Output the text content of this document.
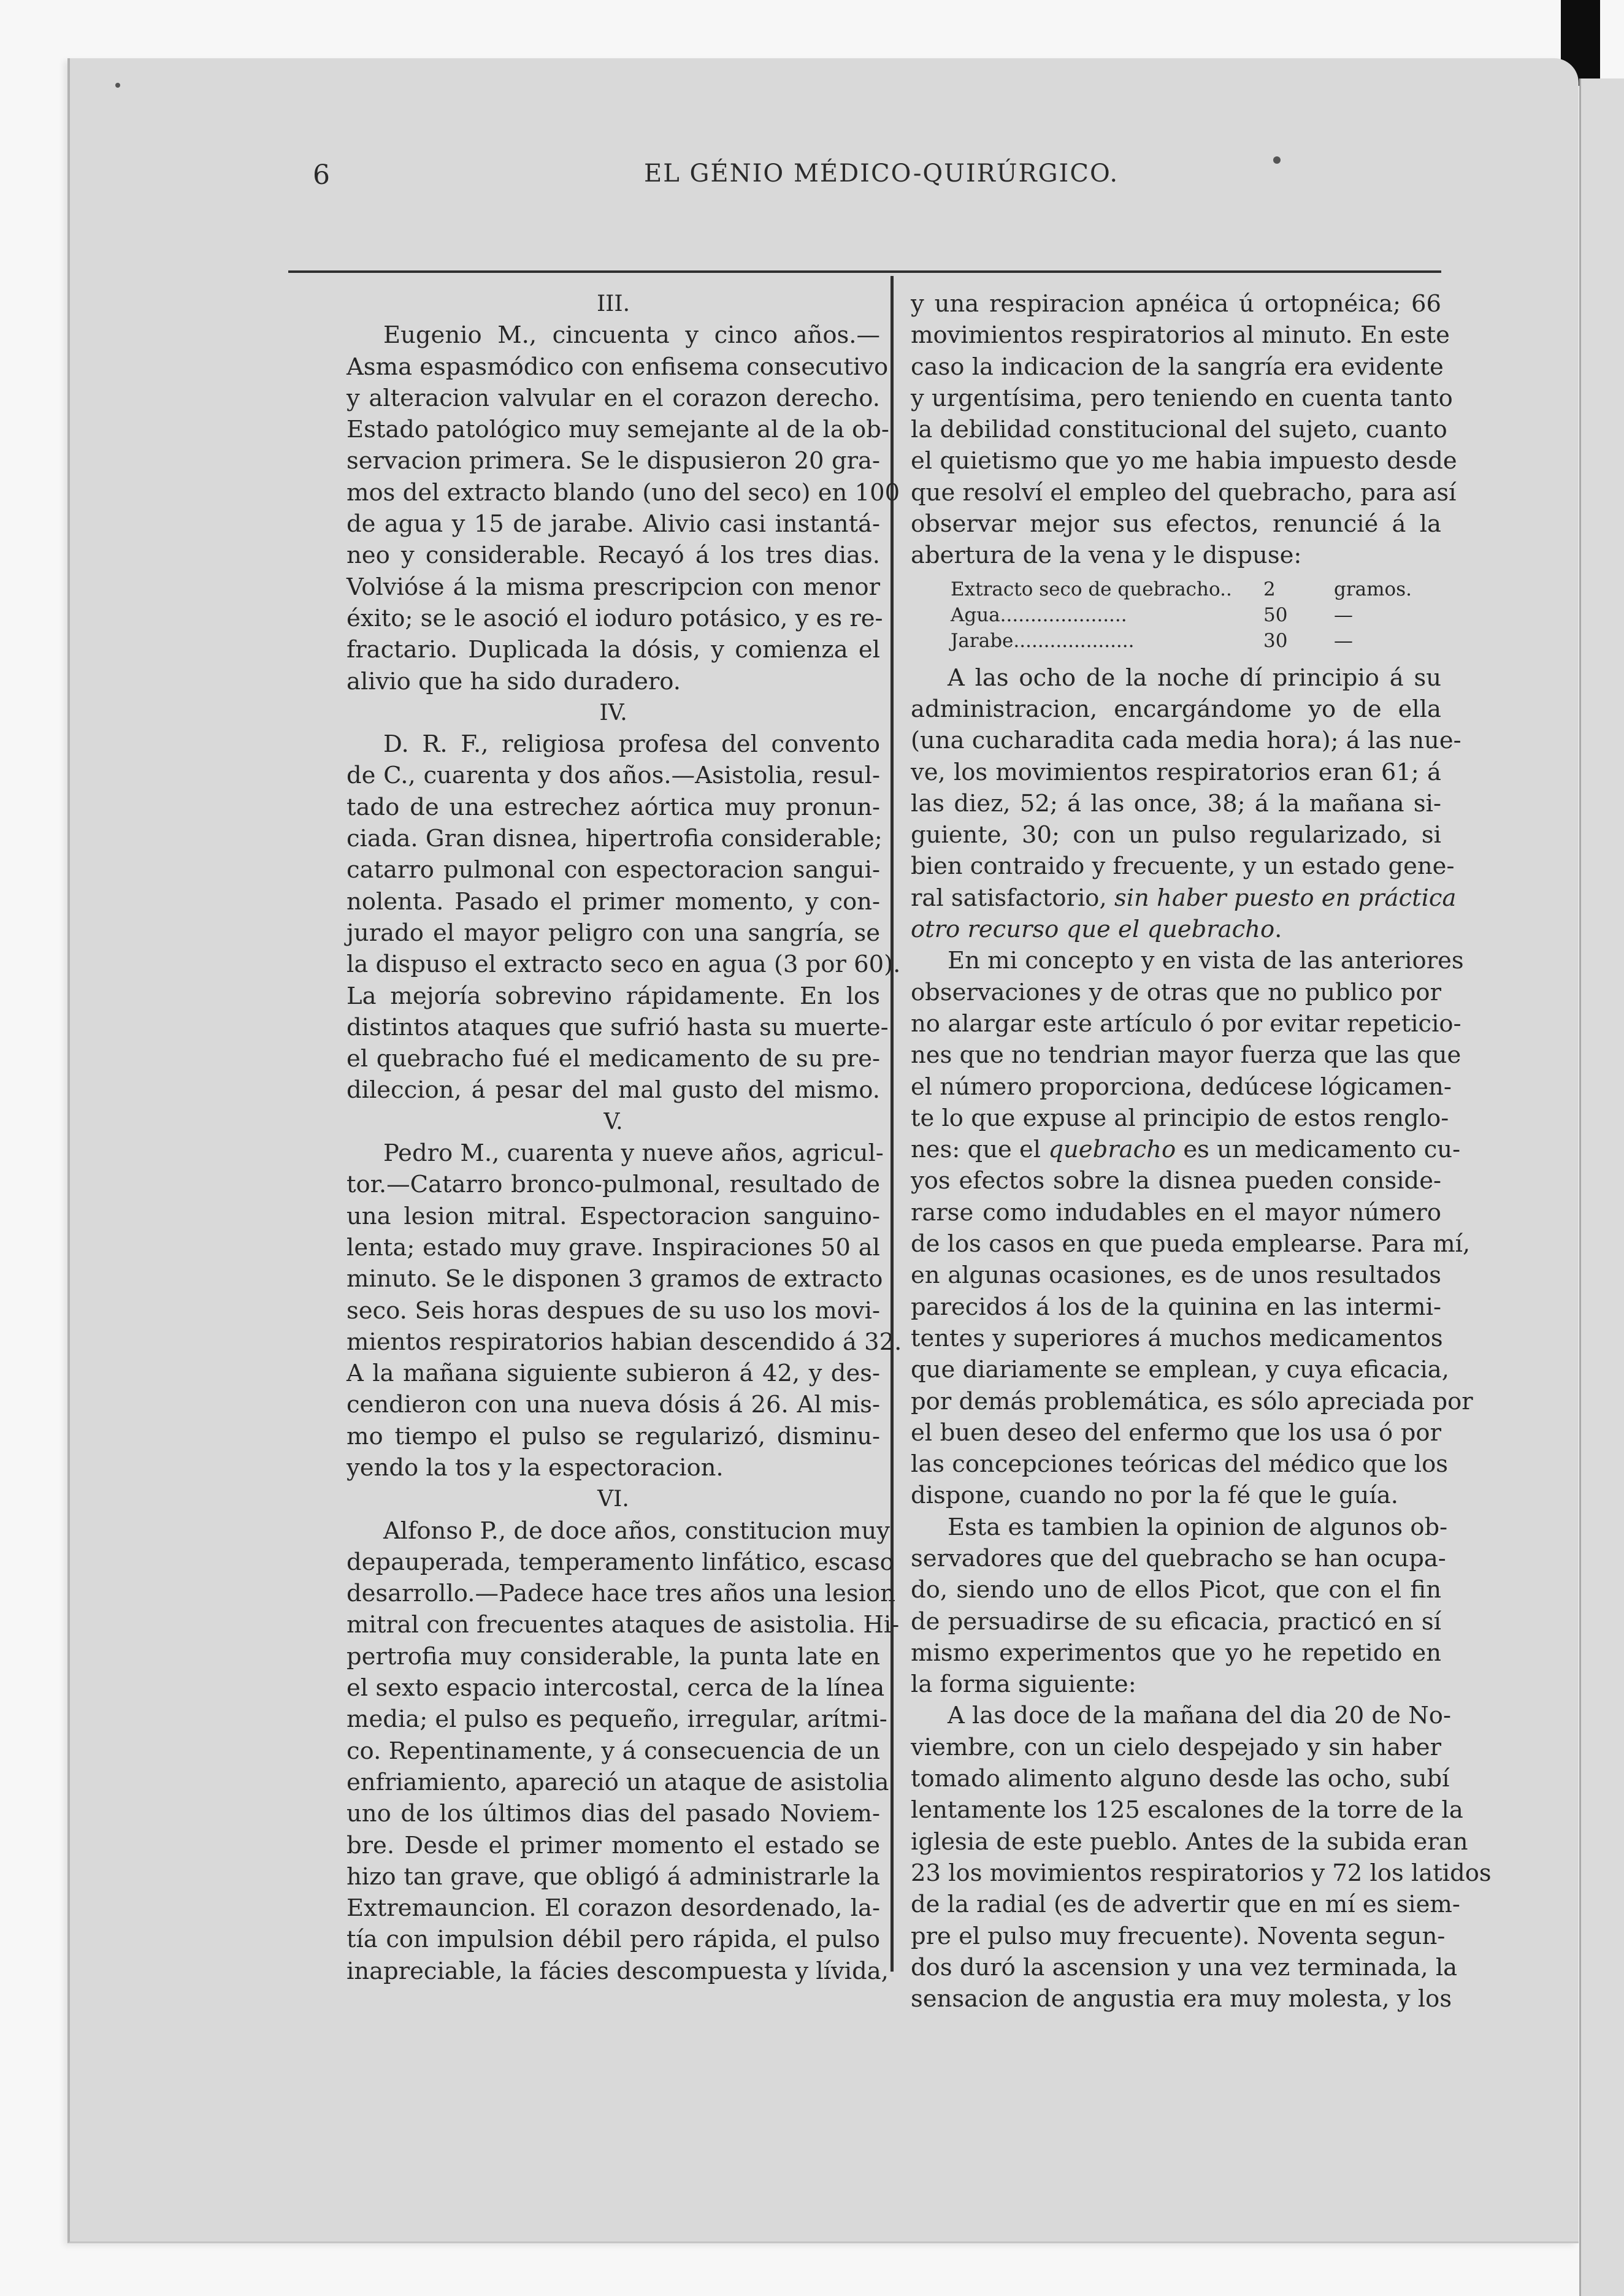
6	EL GÉNIO MÉDICO-QUIRÚRGICO.
III.
Eugenio M., cincuenta y cinco años.—
Asma espasmódico con enfisema consecutivo
y alteracion valvular en el corazon derecho.
Estado patológico muy semejante al de la ob-
servacion primera. Se le dispusieron 20 gra-
mos del extracto blando (uno del seco) en 100
de agua y 15 de jarabe. Alivio casi instantá-
neo y considerable. Recayó á los tres dias.
Volvióse á la misma prescripcion con menor
éxito; se le asoció el ioduro potásico, y es re-
fractario. Duplicada la dósis, y comienza el
alivio que ha sido duradero.
IV.
D. R. F., religiosa profesa del convento
de C., cuarenta y dos años.—Asistolia, resul-
tado de una estrechez aórtica muy pronun-
ciada. Gran disnea, hipertrofia considerable;
catarro pulmonal con espectoracion sangui-
nolenta. Pasado el primer momento, y con-
jurado el mayor peligro con una sangría, se
la dispuso el extracto seco en agua (3 por 60).
La mejoría sobrevino rápidamente. En los
distintos ataques que sufrió hasta su muerte-
el quebracho fué el medicamento de su pre-
dileccion, á pesar del mal gusto del mismo.
V.
Pedro M., cuarenta y nueve años, agricul-
tor.—Catarro bronco-pulmonal, resultado de
una lesion mitral. Espectoracion sanguino-
lenta; estado muy grave. Inspiraciones 50 al
minuto. Se le disponen 3 gramos de extracto
seco. Seis horas despues de su uso los movi-
mientos respiratorios habian descendido á 32.
A la mañana siguiente subieron á 42, y des-
cendieron con una nueva dósis á 26. Al mis-
mo tiempo el pulso se regularizó, disminu-
yendo la tos y la espectoracion.
VI.
Alfonso P., de doce años, constitucion muy
depauperada, temperamento linfático, escaso
desarrollo.—Padece hace tres años una lesion
mitral con frecuentes ataques de asistolia. Hi-
pertrofia muy considerable, la punta late en
el sexto espacio intercostal, cerca de la línea
media; el pulso es pequeño, irregular, arítmi-
co. Repentinamente, y á consecuencia de un
enfriamiento, apareció un ataque de asistolia
uno de los últimos dias del pasado Noviem-
bre. Desde el primer momento el estado se
hizo tan grave, que obligó á administrarle la
Extremauncion. El corazon desordenado, la-
tía con impulsion débil pero rápida, el pulso
inapreciable, la fácies descompuesta y lívida,
y una respiracion apnéica ú ortopnéica; 66
movimientos respiratorios al minuto. En este
caso la indicacion de la sangría era evidente
y urgentísima, pero teniendo en cuenta tanto
la debilidad constitucional del sujeto, cuanto
el quietismo que yo me habia impuesto desde
que resolví el empleo del quebracho, para así
observar mejor sus efectos, renuncié á la
abertura de la vena y le dispuse:
Extracto seco de quebracho.. 2	gramos.
Agua.....................	50 —
Jarabe....................	30 —
A las ocho de la noche dí principio á su
administracion, encargándome yo de ella
(una cucharadita cada media hora); á las nue-
ve, los movimientos respiratorios eran 61; á
las diez, 52; á las once, 38; á la mañana si-
guiente, 30; con un pulso regularizado, si
bien contraido y frecuente, y un estado gene-
ral satisfactorio, sin haber puesto en práctica
otro recurso que el quebracho.
En mi concepto y en vista de las anteriores
observaciones y de otras que no publico por
no alargar este artículo ó por evitar repeticio-
nes que no tendrian mayor fuerza que las que
el número proporciona, dedúcese lógicamen-
te lo que expuse al principio de estos renglo-
nes: que el quebracho es un medicamento cu-
yos efectos sobre la disnea pueden conside-
rarse como indudables en el mayor número
de los casos en que pueda emplearse. Para mí,
en algunas ocasiones, es de unos resultados
parecidos á los de la quinina en las intermi-
tentes y superiores á muchos medicamentos
que diariamente se emplean, y cuya eficacia,
por demás problemática, es sólo apreciada por
el buen deseo del enfermo que los usa ó por
las concepciones teóricas del médico que los
dispone, cuando no por la fé que le guía.
Esta es tambien la opinion de algunos ob-
servadores que del quebracho se han ocupa-
do, siendo uno de ellos Picot, que con el fin
de persuadirse de su eficacia, practicó en sí
mismo experimentos que yo he repetido en
la forma siguiente:
A las doce de la mañana del dia 20 de No-
viembre, con un cielo despejado y sin haber
tomado alimento alguno desde las ocho, subí
lentamente los 125 escalones de la torre de la
iglesia de este pueblo. Antes de la subida eran
23 los movimientos respiratorios y 72 los latidos
de la radial (es de advertir que en mí es siem-
pre el pulso muy frecuente). Noventa segun-
dos duró la ascension y una vez terminada, la
sensacion de angustia era muy molesta, y los
